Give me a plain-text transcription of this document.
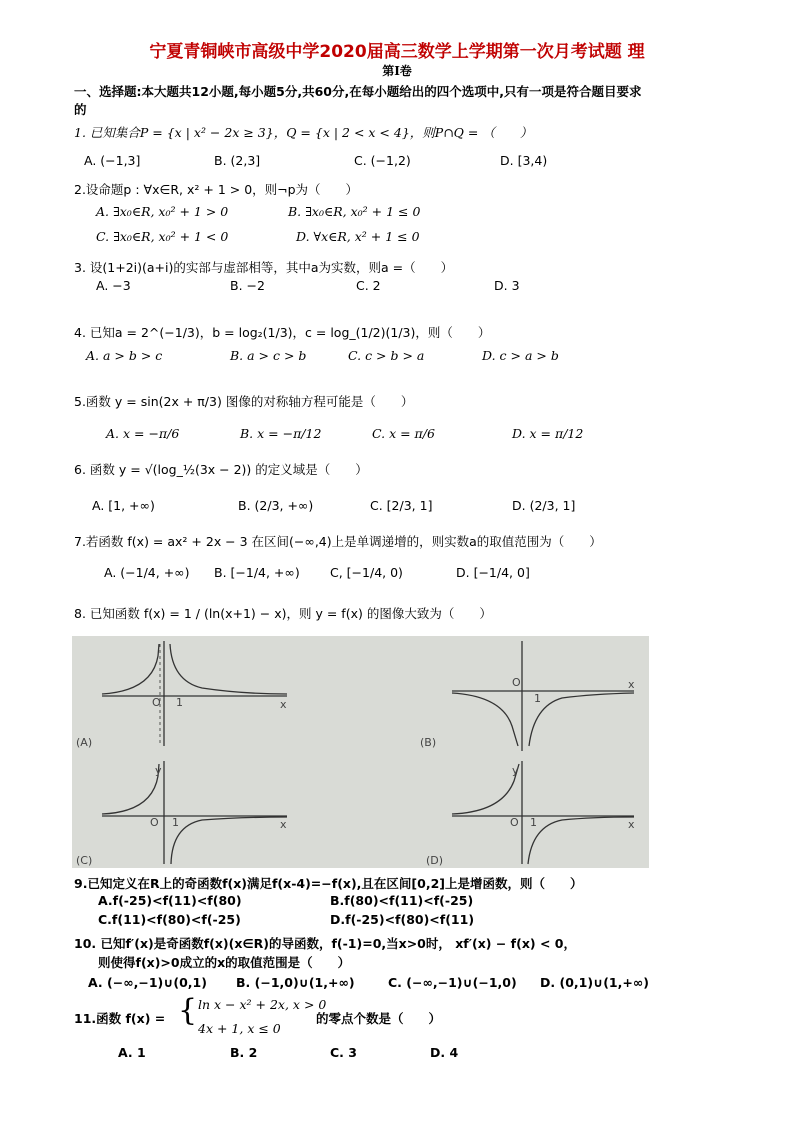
宁夏青铜峡市高级中学2020届高三数学上学期第一次月考试题 理
第Ⅰ卷
一、选择题:本大题共12小题,每小题5分,共60分,在每小题给出的四个选项中,只有一项是符合题目要求
的
1. 已知集合P = {x | x² − 2x ≥ 3}，Q = {x | 2 < x < 4}，则P∩Q = （　　）
A. (−1,3]	B. (2,3]	C. (−1,2)	D. [3,4)
2.设命题p : ∀x∈R, x² + 1 > 0，则¬p为（　　）
A. ∃x₀∈R, x₀² + 1 > 0	B. ∃x₀∈R, x₀² + 1 ≤ 0
C. ∃x₀∈R, x₀² + 1 < 0	D. ∀x∈R, x² + 1 ≤ 0
3. 设(1+2i)(a+i)的实部与虚部相等，其中a为实数，则a =（　　）
A. −3	B. −2	C. 2	D. 3
4. 已知a = 2^(−1/3)，b = log₂(1/3)，c = log_(1/2)(1/3)，则（　　）
A. a > b > c	B. a > c > b	C. c > b > a	D. c > a > b
5.函数 y = sin(2x + π/3) 图像的对称轴方程可能是（　　）
A. x = −π/6	B. x = −π/12	C. x = π/6	D. x = π/12
6. 函数 y = √(log_½(3x − 2)) 的定义域是（　　）
A. [1, +∞)	B. (2/3, +∞)	C. [2/3, 1]	D. (2/3, 1]
7.若函数 f(x) = ax² + 2x − 3 在区间(−∞,4)上是单调递增的，则实数a的取值范围为（　　）
A. (−1/4, +∞) B. [−1/4, +∞) C, [−1/4, 0)	D. [−1/4, 0]
8. 已知函数 f(x) = 1 / (ln(x+1) − x)，则 y = f(x) 的图像大致为（　　）
(A)	(B)
(C)	(D)
O 1	x
O
1
x
y
O 1	x
y
O 1	x
9.已知定义在R上的奇函数f(x)满足f(x-4)=−f(x),且在区间[0,2]上是增函数，则（　　）
A.f(-25)<f(11)<f(80)	B.f(80)<f(11)<f(-25)
C.f(11)<f(80)<f(-25)	D.f(-25)<f(80)<f(11)
10. 已知f′(x)是奇函数f(x)(x∈R)的导函数，f(-1)=0,当x>0时， xf′(x) − f(x) < 0，
则使得f(x)>0成立的x的取值范围是（　　）
A. (−∞,−1)∪(0,1) B. (−1,0)∪(1,+∞)	C. (−∞,−1)∪(−1,0) D. (0,1)∪(1,+∞)
11.函数 f(x) = { ln x − x² + 2x, x > 0
4x + 1, x ≤ 0
的零点个数是（　　）
A. 1	B. 2	C. 3	D. 4
